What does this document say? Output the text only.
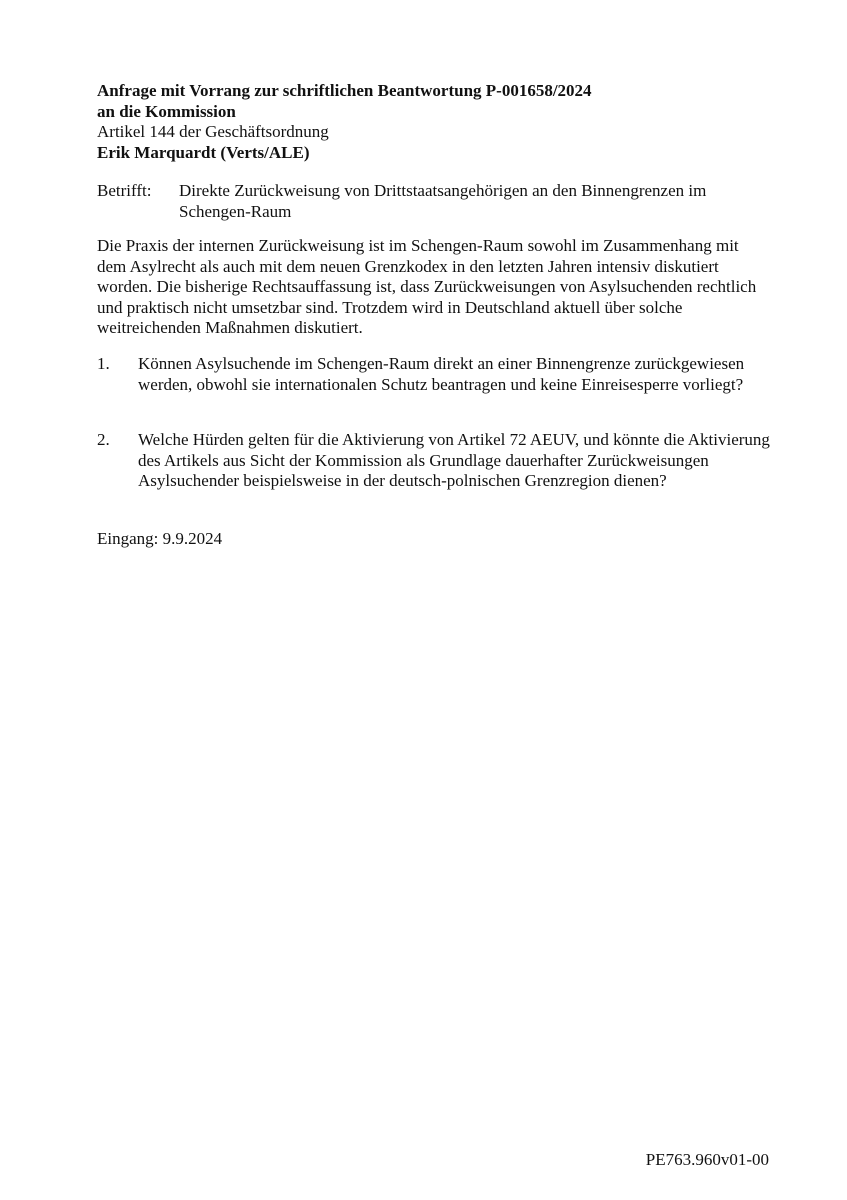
Anfrage mit Vorrang zur schriftlichen Beantwortung P-001658/2024
an die Kommission
Artikel 144 der Geschäftsordnung
Erik Marquardt (Verts/ALE)
Betrifft: Direkte Zurückweisung von Drittstaatsangehörigen an den Binnengrenzen im Schengen-Raum
Die Praxis der internen Zurückweisung ist im Schengen-Raum sowohl im Zusammenhang mit dem Asylrecht als auch mit dem neuen Grenzkodex in den letzten Jahren intensiv diskutiert worden. Die bisherige Rechtsauffassung ist, dass Zurückweisungen von Asylsuchenden rechtlich und praktisch nicht umsetzbar sind. Trotzdem wird in Deutschland aktuell über solche weitreichenden Maßnahmen diskutiert.
1. Können Asylsuchende im Schengen-Raum direkt an einer Binnengrenze zurückgewiesen werden, obwohl sie internationalen Schutz beantragen und keine Einreisesperre vorliegt?
2. Welche Hürden gelten für die Aktivierung von Artikel 72 AEUV, und könnte die Aktivierung des Artikels aus Sicht der Kommission als Grundlage dauerhafter Zurückweisungen Asylsuchender beispielsweise in der deutsch-polnischen Grenzregion dienen?
Eingang: 9.9.2024
PE763.960v01-00
